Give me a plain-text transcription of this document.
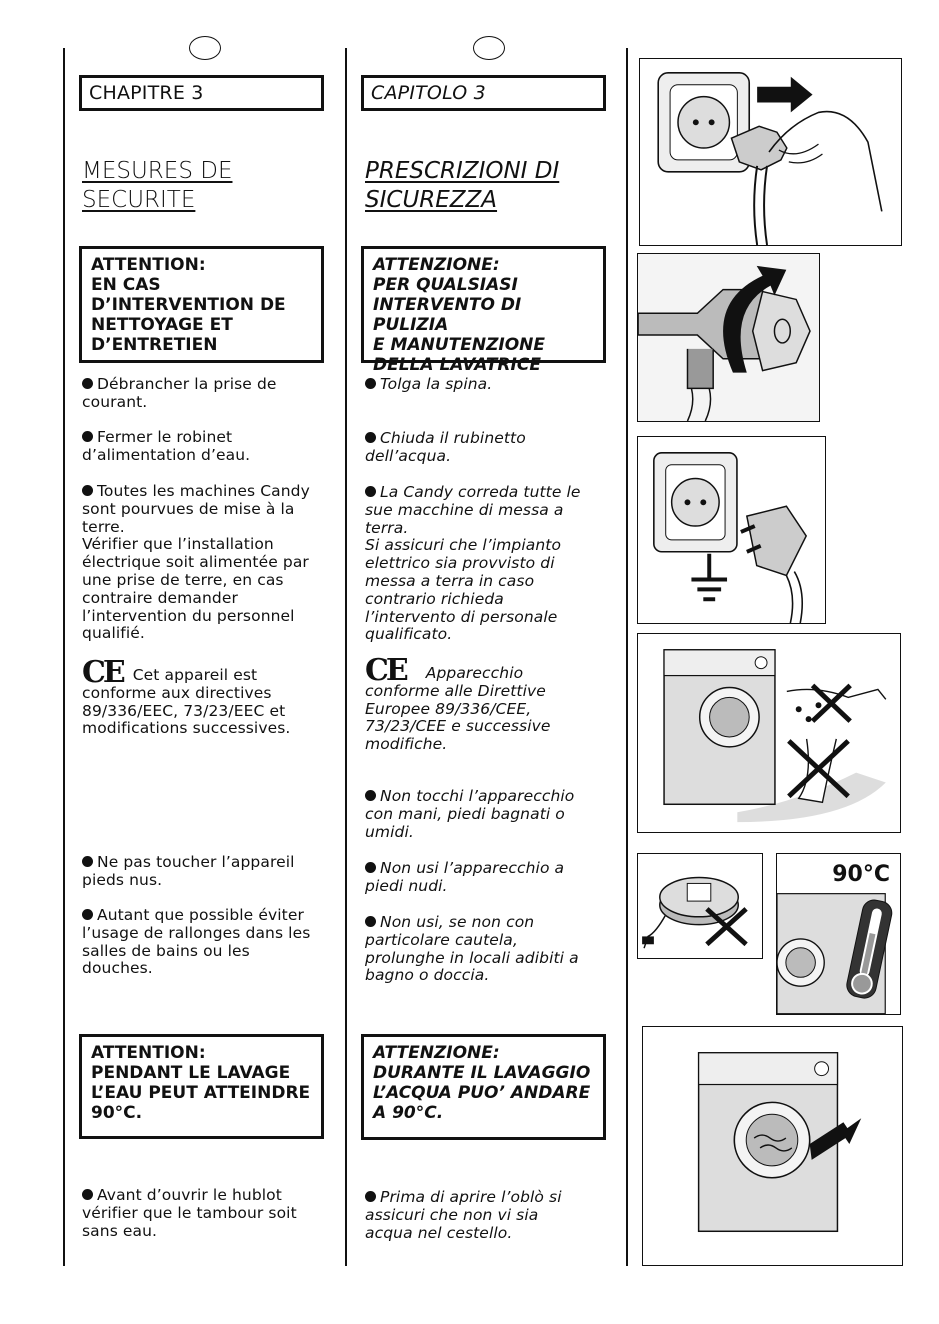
CHAPITRE 3
MESURES DE
SECURITE
ATTENTION:
EN CAS
D’INTERVENTION DE
NETTOYAGE ET
D’ENTRETIEN
Débrancher la prise de
courant.
Fermer le robinet
d’alimentation d’eau.
Toutes les machines Candy
sont pourvues de mise à la
terre.
Vérifier que l’installation
électrique soit alimentée par
une prise de terre, en cas
contraire demander
l’intervention du personnel
qualifié.
CE Cet appareil est
conforme aux directives
89/336/EEC, 73/23/EEC et
modifications successives.
Ne pas toucher l’appareil
pieds nus.
Autant que possible éviter
l’usage de rallonges dans les
salles de bains ou les
douches.
ATTENTION:
PENDANT LE LAVAGE
L’EAU PEUT ATTEINDRE
90°C.
Avant d’ouvrir le hublot
vérifier que le tambour soit
sans eau.
CAPITOLO 3
PRESCRIZIONI DI
SICUREZZA
ATTENZIONE:
PER QUALSIASI
INTERVENTO DI PULIZIA
E MANUTENZIONE
DELLA LAVATRICE
Tolga la spina.
Chiuda il rubinetto
dell’acqua.
La Candy correda tutte le
sue macchine di messa a
terra.
Si assicuri che l’impianto
elettrico sia provvisto di
messa a terra in caso
contrario richieda
l’intervento di personale
qualificato.
CE Apparecchio
conforme alle Direttive
Europee 89/336/CEE,
73/23/CEE e successive
modifiche.
Non tocchi l’apparecchio
con mani, piedi bagnati o
umidi.
Non usi l’apparecchio a
piedi nudi.
Non usi, se non con
particolare cautela,
prolunghe in locali adibiti a
bagno o doccia.
ATTENZIONE:
DURANTE IL LAVAGGIO
L’ACQUA PUO’ ANDARE
A 90°C.
Prima di aprire l’oblò si
assicuri che non vi sia
acqua nel cestello.
90°C
